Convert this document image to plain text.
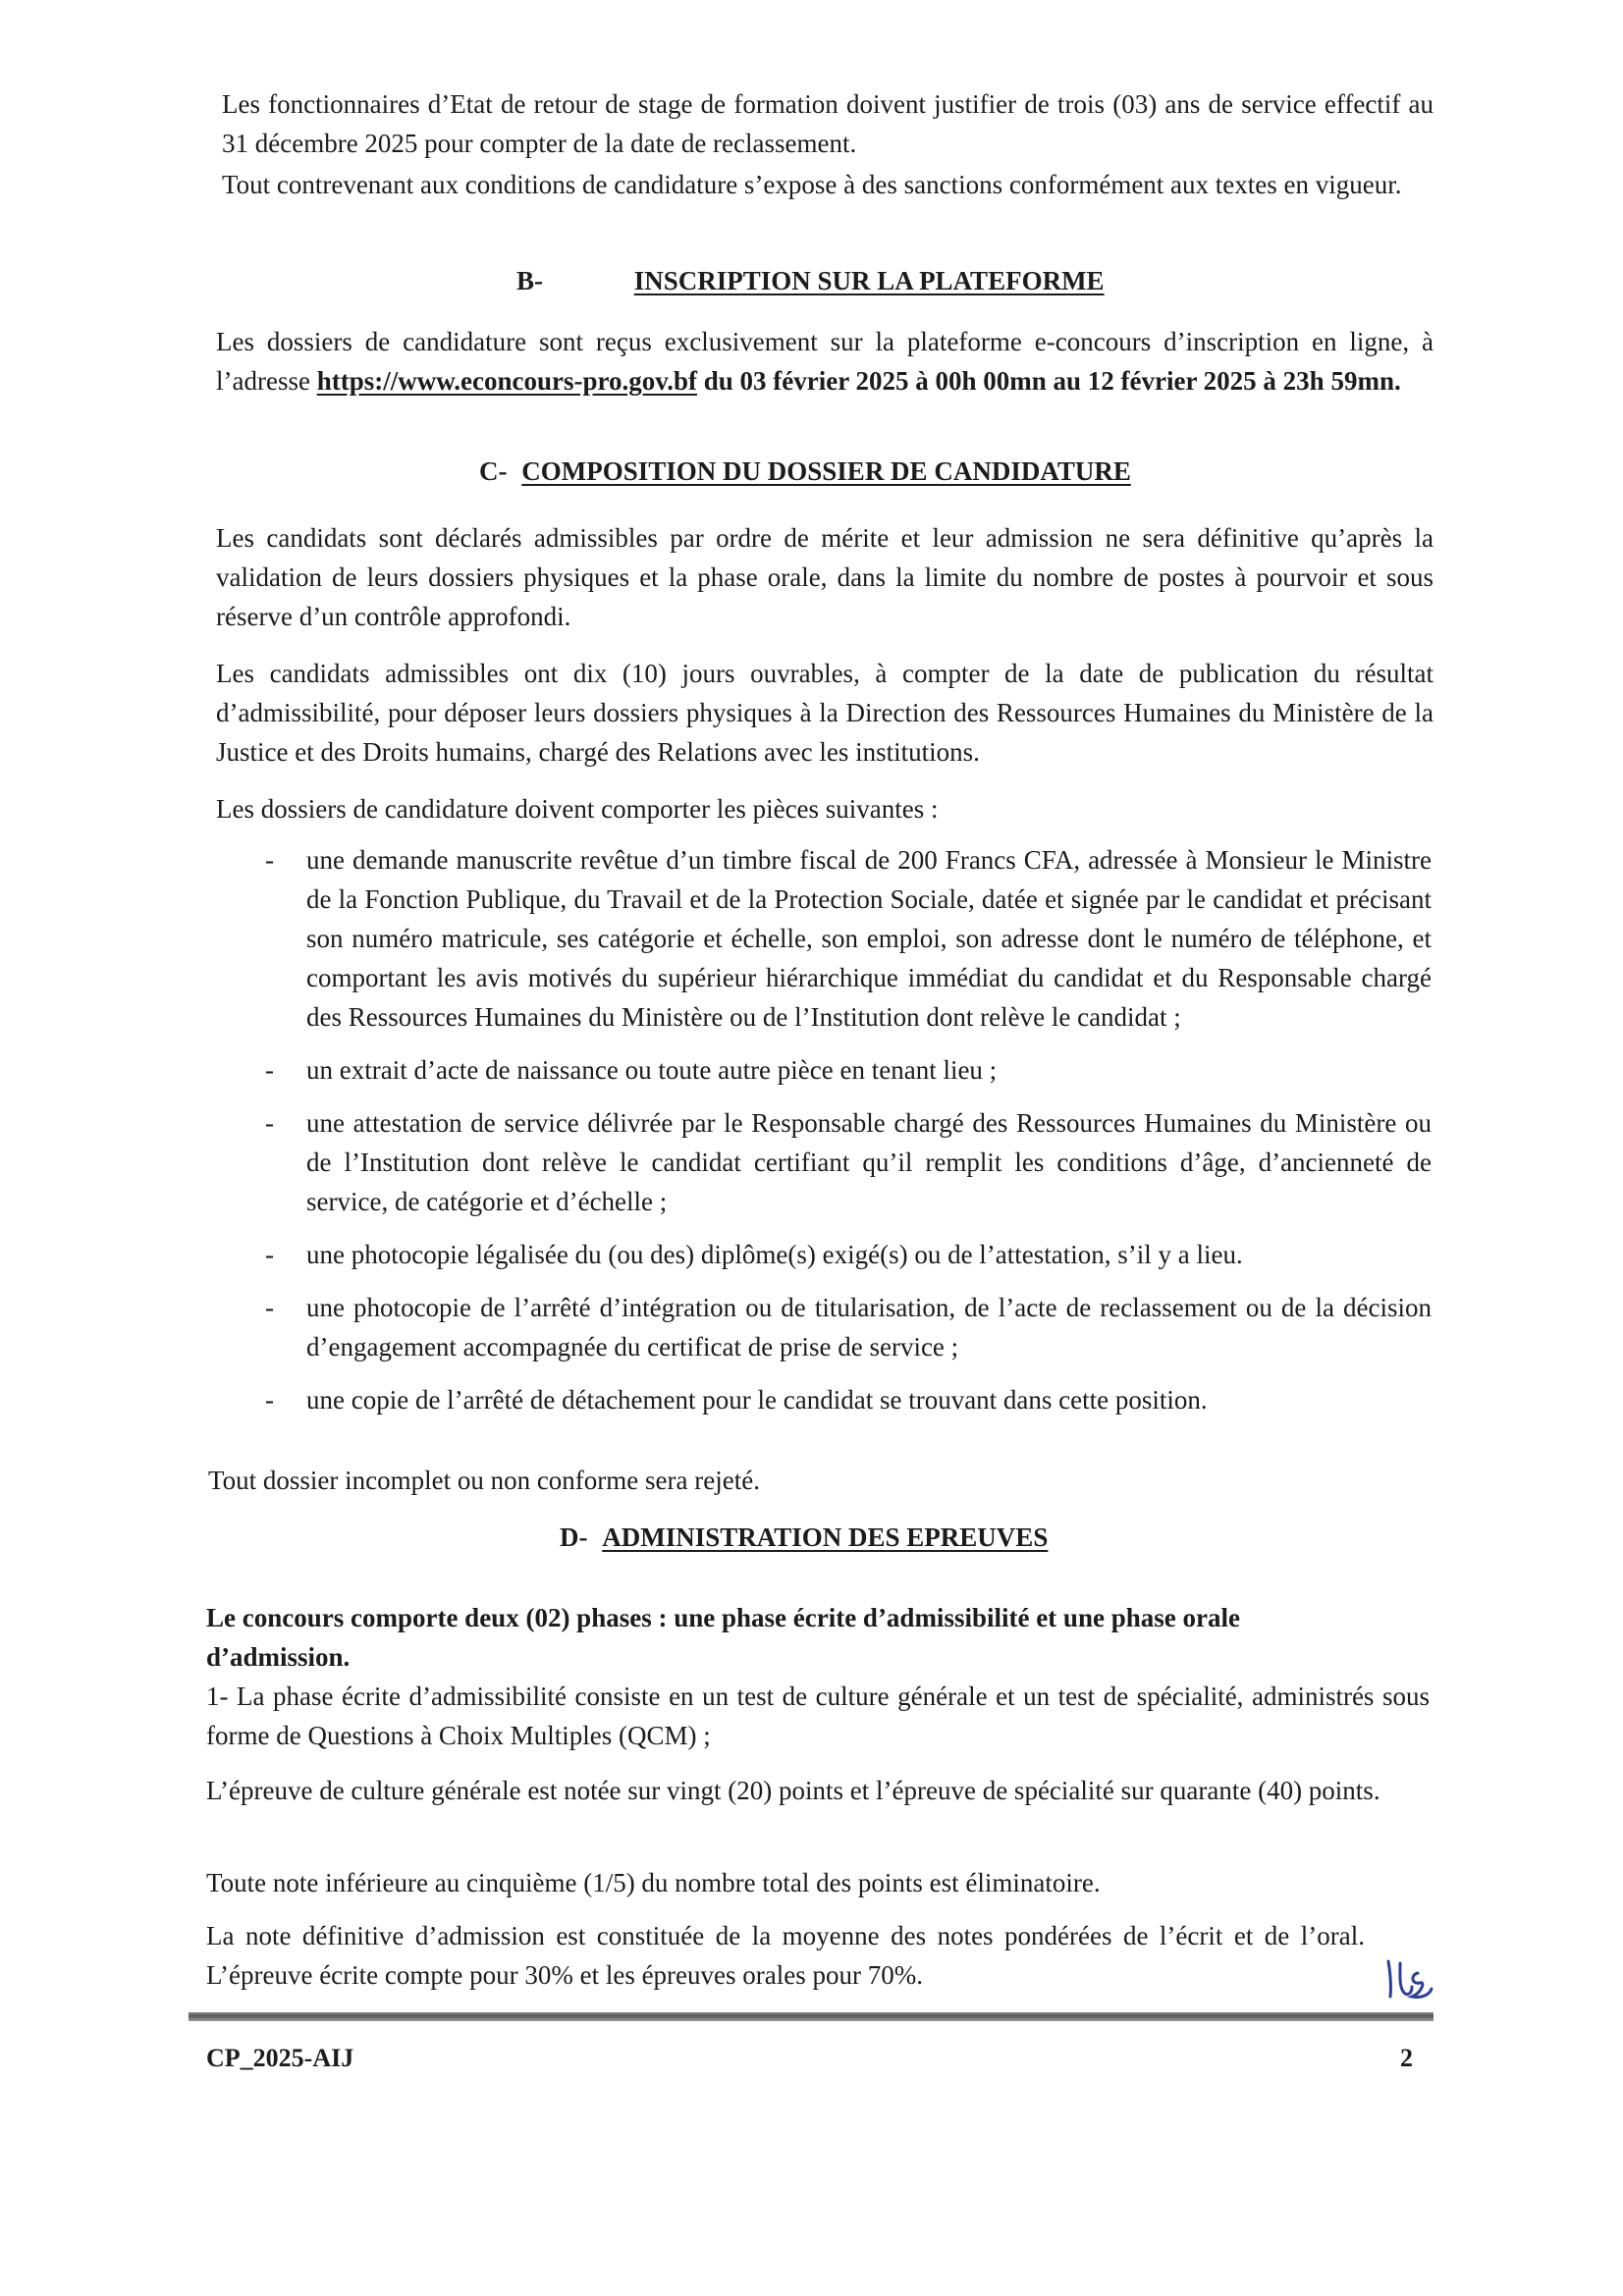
Les fonctionnaires d’Etat de retour de stage de formation doivent justifier de trois (03) ans de service effectif au 31 décembre 2025 pour compter de la date de reclassement.

Tout contrevenant aux conditions de candidature s’expose à des sanctions conformément aux textes en vigueur.

B-	INSCRIPTION SUR LA PLATEFORME

Les dossiers de candidature sont reçus exclusivement sur la plateforme e-concours d’inscription en ligne, à l’adresse https://www.econcours-pro.gov.bf du 03 février 2025 à 00h 00mn au 12 février 2025 à 23h 59mn.

C- COMPOSITION DU DOSSIER DE CANDIDATURE

Les candidats sont déclarés admissibles par ordre de mérite et leur admission ne sera définitive qu’après la validation de leurs dossiers physiques et la phase orale, dans la limite du nombre de postes à pourvoir et sous réserve d’un contrôle approfondi.

Les candidats admissibles ont dix (10) jours ouvrables, à compter de la date de publication du résultat d’admissibilité, pour déposer leurs dossiers physiques à la Direction des Ressources Humaines du Ministère de la Justice et des Droits humains, chargé des Relations avec les institutions.

Les dossiers de candidature doivent comporter les pièces suivantes :

- une demande manuscrite revêtue d’un timbre fiscal de 200 Francs CFA, adressée à Monsieur le Ministre de la Fonction Publique, du Travail et de la Protection Sociale, datée et signée par le candidat et précisant son numéro matricule, ses catégorie et échelle, son emploi, son adresse dont le numéro de téléphone, et comportant les avis motivés du supérieur hiérarchique immédiat du candidat et du Responsable chargé des Ressources Humaines du Ministère ou de l’Institution dont relève le candidat ;
- un extrait d’acte de naissance ou toute autre pièce en tenant lieu ;
- une attestation de service délivrée par le Responsable chargé des Ressources Humaines du Ministère ou de l’Institution dont relève le candidat certifiant qu’il remplit les conditions d’âge, d’ancienneté de service, de catégorie et d’échelle ;
- une photocopie légalisée du (ou des) diplôme(s) exigé(s) ou de l’attestation, s’il y a lieu.
- une photocopie de l’arrêté d’intégration ou de titularisation, de l’acte de reclassement ou de la décision d’engagement accompagnée du certificat de prise de service ;
- une copie de l’arrêté de détachement pour le candidat se trouvant dans cette position.

Tout dossier incomplet ou non conforme sera rejeté.

D- ADMINISTRATION DES EPREUVES

Le concours comporte deux (02) phases : une phase écrite d’admissibilité et une phase orale d’admission.

1- La phase écrite d’admissibilité consiste en un test de culture générale et un test de spécialité, administrés sous forme de Questions à Choix Multiples (QCM) ;

L’épreuve de culture générale est notée sur vingt (20) points et l’épreuve de spécialité sur quarante (40) points.

Toute note inférieure au cinquième (1/5) du nombre total des points est éliminatoire.

La note définitive d’admission est constituée de la moyenne des notes pondérées de l’écrit et de l’oral. L’épreuve écrite compte pour 30% et les épreuves orales pour 70%.

CP_2025-AIJ	2
